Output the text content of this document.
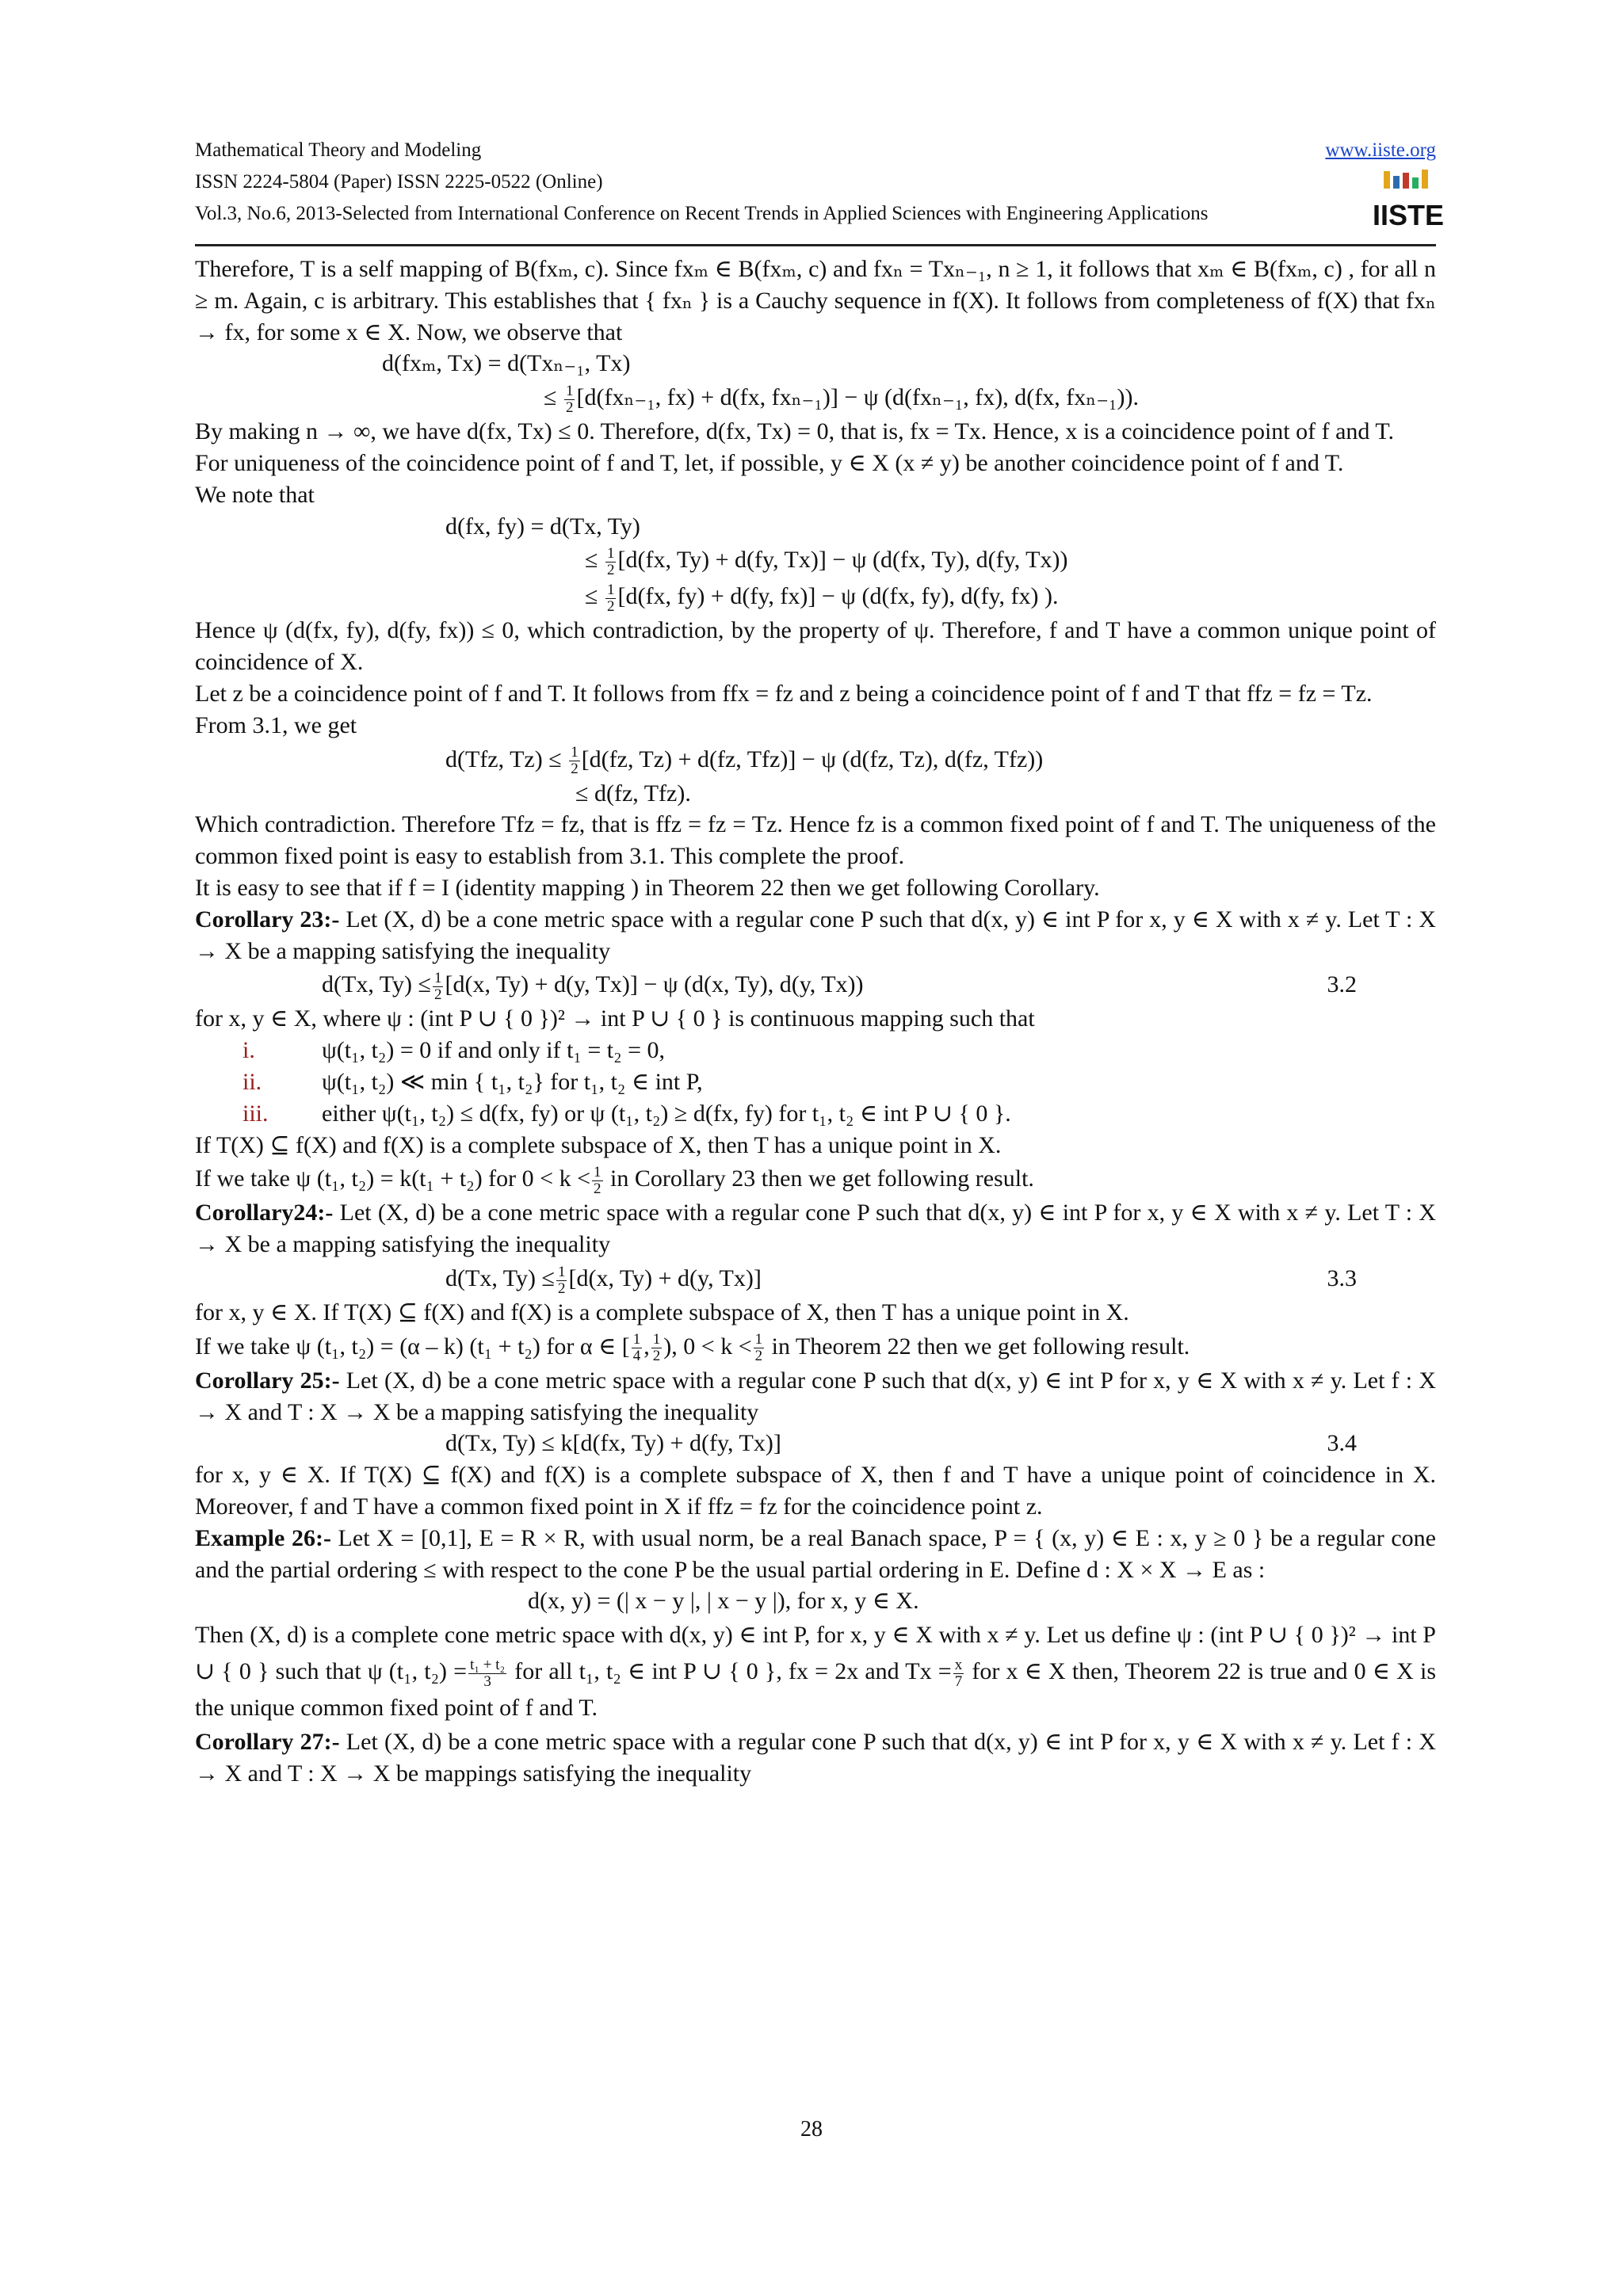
Mathematical Theory and Modeling
ISSN 2224-5804 (Paper) ISSN 2225-0522 (Online)
Vol.3, No.6, 2013-Selected from International Conference on Recent Trends in Applied Sciences with Engineering Applications
www.iiste.org
IISTE

Therefore, T is a self mapping of B(fxₘ, c). Since fxₘ ∈ B(fxₘ, c) and fxₙ = Txₙ₋₁, n ≥ 1, it follows that xₘ ∈ B(fxₘ, c) , for all n ≥ m. Again, c is arbitrary. This establishes that { fxₙ } is a Cauchy sequence in f(X). It follows from completeness of f(X) that fxₙ → fx, for some x ∈ X. Now, we observe that

d(fxₘ, Tx) = d(Txₙ₋₁, Tx)

≤ $\frac{1}{2} [d(fx_{n-1}$, fx) + d(fx, fxₙ₋₁)] − ψ (d(fxₙ₋₁, fx), d(fx, fxₙ₋₁)).

By making n → ∞, we have d(fx, Tx) ≤ 0. Therefore, d(fx, Tx) = 0, that is, fx = Tx. Hence, x is a coincidence point of f and T.

For uniqueness of the coincidence point of f and T, let, if possible, y ∈ X (x ≠ y) be another coincidence point of f and T.

We note that

d(fx, fy) = d(Tx, Ty)

≤ $\frac{1}{2} [d(fx$, Ty) + d(fy, Tx)] − ψ (d(fx, Ty), d(fy, Tx))

≤ $\frac{1}{2} [d(fx$, fy) + d(fy, fx)] − ψ (d(fx, fy), d(fy, fx) ).

Hence ψ (d(fx, fy), d(fy, fx)) ≤ 0, which contradiction, by the property of ψ. Therefore, f and T have a common unique point of coincidence of X.

Let z be a coincidence point of f and T. It follows from ffx = fz and z being a coincidence point of f and T that ffz = fz = Tz.

From 3.1, we get

d(Tfz, $Tz) \le \frac{1}{2} [d(fz$, Tz) + d(fz, Tfz)] − ψ (d(fz, Tz), d(fz, Tfz))

≤ d(fz, Tfz).

Which contradiction. Therefore Tfz = fz, that is ffz = fz = Tz. Hence fz is a common fixed point of f and T. The uniqueness of the common fixed point is easy to establish from 3.1. This complete the proof.

It is easy to see that if f = I (identity mapping ) in Theorem 22 then we get following Corollary.

Corollary 23:- Let (X, d) be a cone metric space with a regular cone P such that d(x, y) ∈ int P for x, y ∈ X with x ≠ y. Let T : X → X be a mapping satisfying the inequality

d(Tx, $Ty) \le \frac{1}{2} [d(x$, Ty) + d(y, Tx)] − ψ (d(x, Ty), d(y, Tx))	3.2

for x, y ∈ X, where ψ : (int P ∪ { 0 })² → int P ∪ { 0 } is continuous mapping such that

i.	ψ(t₁, t₂) = 0 if and only if t₁ = t₂ = 0,

ii.	ψ(t₁, t₂) ≪ min { t₁, t₂} for t₁, t₂ ∈ int P,

iii. either ψ(t₁, t₂) ≤ d(fx, fy) or ψ (t₁, t₂) ≥ d(fx, fy) for t₁, t₂ ∈ int P ∪ { 0 }.

If T(X) ⊆ f(X) and f(X) is a complete subspace of X, then T has a unique point in X.

If we take ψ (t₁, t₂) = k(t₁ + t₂) for $0 < k < \frac{1}{2}$ in Corollary 23 then we get following result.

Corollary24:- Let (X, d) be a cone metric space with a regular cone P such that d(x, y) ∈ int P for x, y ∈ X with x ≠ y. Let T : X → X be a mapping satisfying the inequality

d(Tx, $Ty) \le \frac{1}{2} [d(x$, Ty) + d(y, Tx)]	3.3

for x, y ∈ X. If T(X) ⊆ f(X) and f(X) is a complete subspace of X, then T has a unique point in X.

If we take ψ (t₁, t₂) = (α – k) (t₁ + t₂) for α ∈ [ $\frac{1}{4}$ , $\frac{1}{2}$ ), $0 < k < \frac{1}{2}$ in Theorem 22 then we get following result.

Corollary 25:- Let (X, d) be a cone metric space with a regular cone P such that d(x, y) ∈ int P for x, y ∈ X with x ≠ y. Let f : X → X and T : X → X be a mapping satisfying the inequality

d(Tx, Ty) ≤ k[d(fx, Ty) + d(fy, Tx)]	3.4

for x, y ∈ X. If T(X) ⊆ f(X) and f(X) is a complete subspace of X, then f and T have a unique point of coincidence in X. Moreover, f and T have a common fixed point in X if ffz = fz for the coincidence point z.

Example 26:- Let X = [0,1], E = R × R, with usual norm, be a real Banach space, P = { (x, y) ∈ E : x, y ≥ 0 } be a regular cone and the partial ordering ≤ with respect to the cone P be the usual partial ordering in E. Define d : X × X → E as :

d(x, y) = (| x − y |, | x − y |), for x, y ∈ X.

Then (X, d) is a complete cone metric space with d(x, y) ∈ int P, for x, y ∈ X with x ≠ y. Let us define ψ : (int P ∪ { 0 })² → int P ∪ { 0 } such that ψ (t₁, $t_2) = \frac{\text{t₁ + t₂}}{3}$ for all t₁, t₂ ∈ int P ∪ { 0 }, fx = 2x and $Tx = \frac{x}{7}$ for x ∈ X then, Theorem 22 is true and 0 ∈ X is the unique common fixed point of f and T.

Corollary 27:- Let (X, d) be a cone metric space with a regular cone P such that d(x, y) ∈ int P for x, y ∈ X with x ≠ y. Let f : X → X and T : X → X be mappings satisfying the inequality

28
